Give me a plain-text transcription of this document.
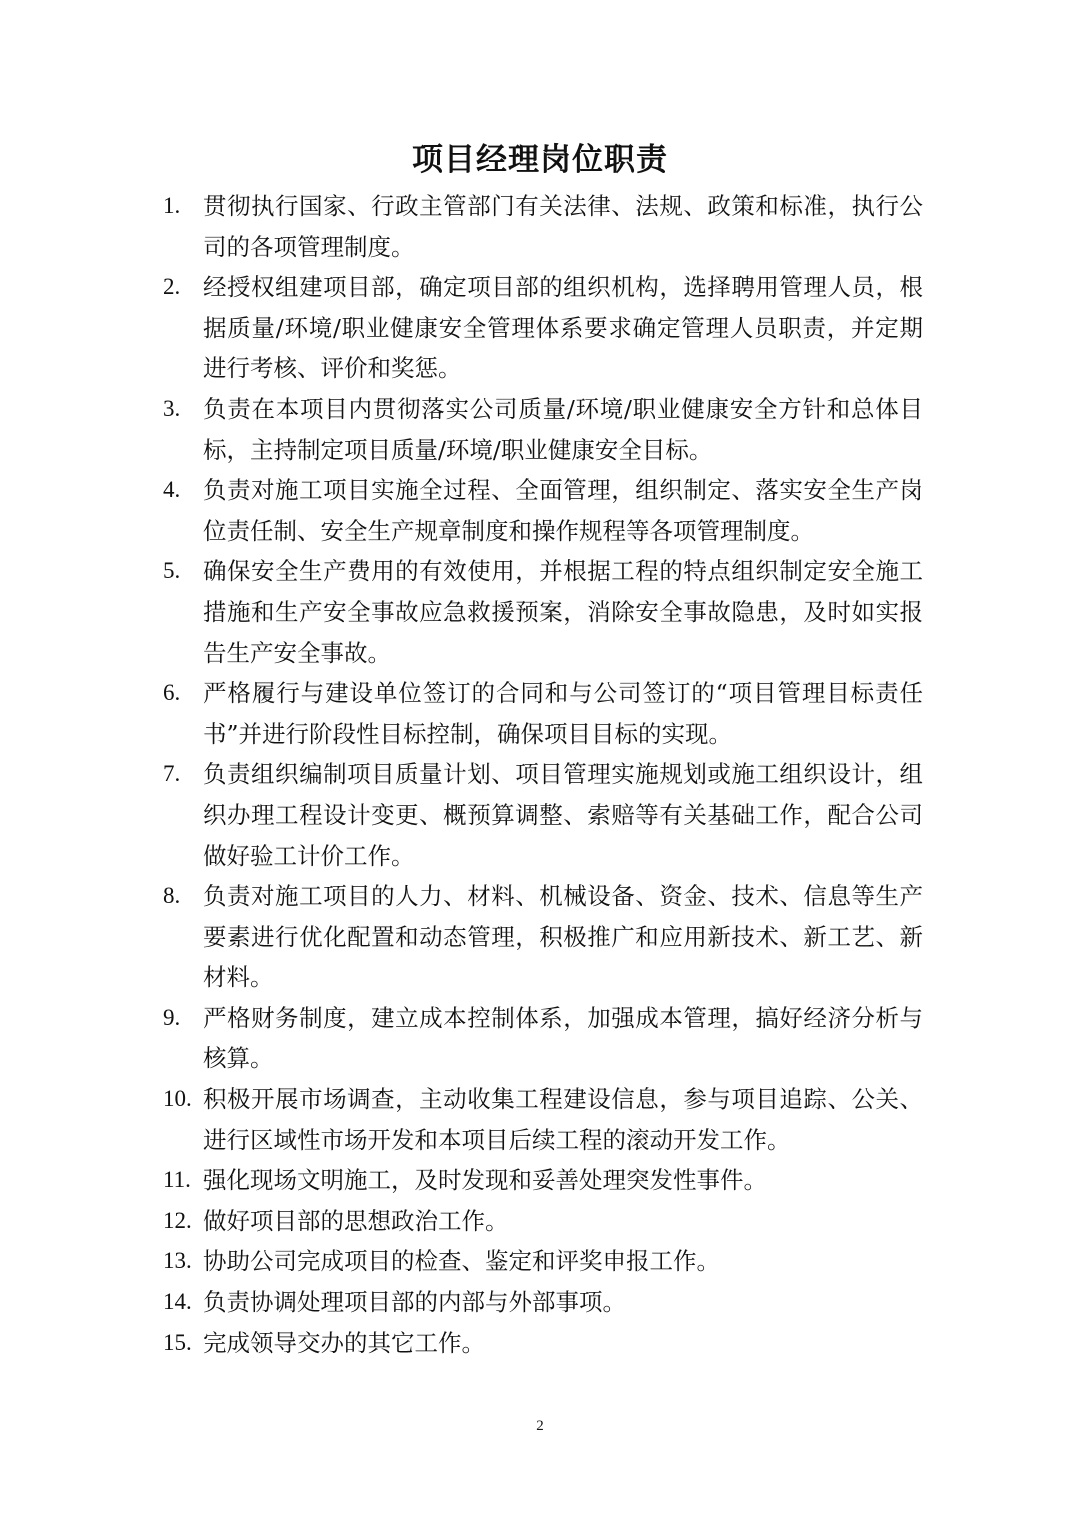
项目经理岗位职责
1. 贯彻执行国家、行政主管部门有关法律、法规、政策和标准，执行公司的各项管理制度。
2. 经授权组建项目部，确定项目部的组织机构，选择聘用管理人员，根据质量/环境/职业健康安全管理体系要求确定管理人员职责，并定期进行考核、评价和奖惩。
3. 负责在本项目内贯彻落实公司质量/环境/职业健康安全方针和总体目标，主持制定项目质量/环境/职业健康安全目标。
4. 负责对施工项目实施全过程、全面管理，组织制定、落实安全生产岗位责任制、安全生产规章制度和操作规程等各项管理制度。
5. 确保安全生产费用的有效使用，并根据工程的特点组织制定安全施工措施和生产安全事故应急救援预案，消除安全事故隐患，及时如实报告生产安全事故。
6. 严格履行与建设单位签订的合同和与公司签订的“项目管理目标责任书”并进行阶段性目标控制，确保项目目标的实现。
7. 负责组织编制项目质量计划、项目管理实施规划或施工组织设计，组织办理工程设计变更、概预算调整、索赔等有关基础工作，配合公司做好验工计价工作。
8. 负责对施工项目的人力、材料、机械设备、资金、技术、信息等生产要素进行优化配置和动态管理，积极推广和应用新技术、新工艺、新材料。
9. 严格财务制度，建立成本控制体系，加强成本管理，搞好经济分析与核算。
10. 积极开展市场调查，主动收集工程建设信息，参与项目追踪、公关、进行区域性市场开发和本项目后续工程的滚动开发工作。
11. 强化现场文明施工，及时发现和妥善处理突发性事件。
12. 做好项目部的思想政治工作。
13. 协助公司完成项目的检查、鉴定和评奖申报工作。
14. 负责协调处理项目部的内部与外部事项。
15. 完成领导交办的其它工作。
2
